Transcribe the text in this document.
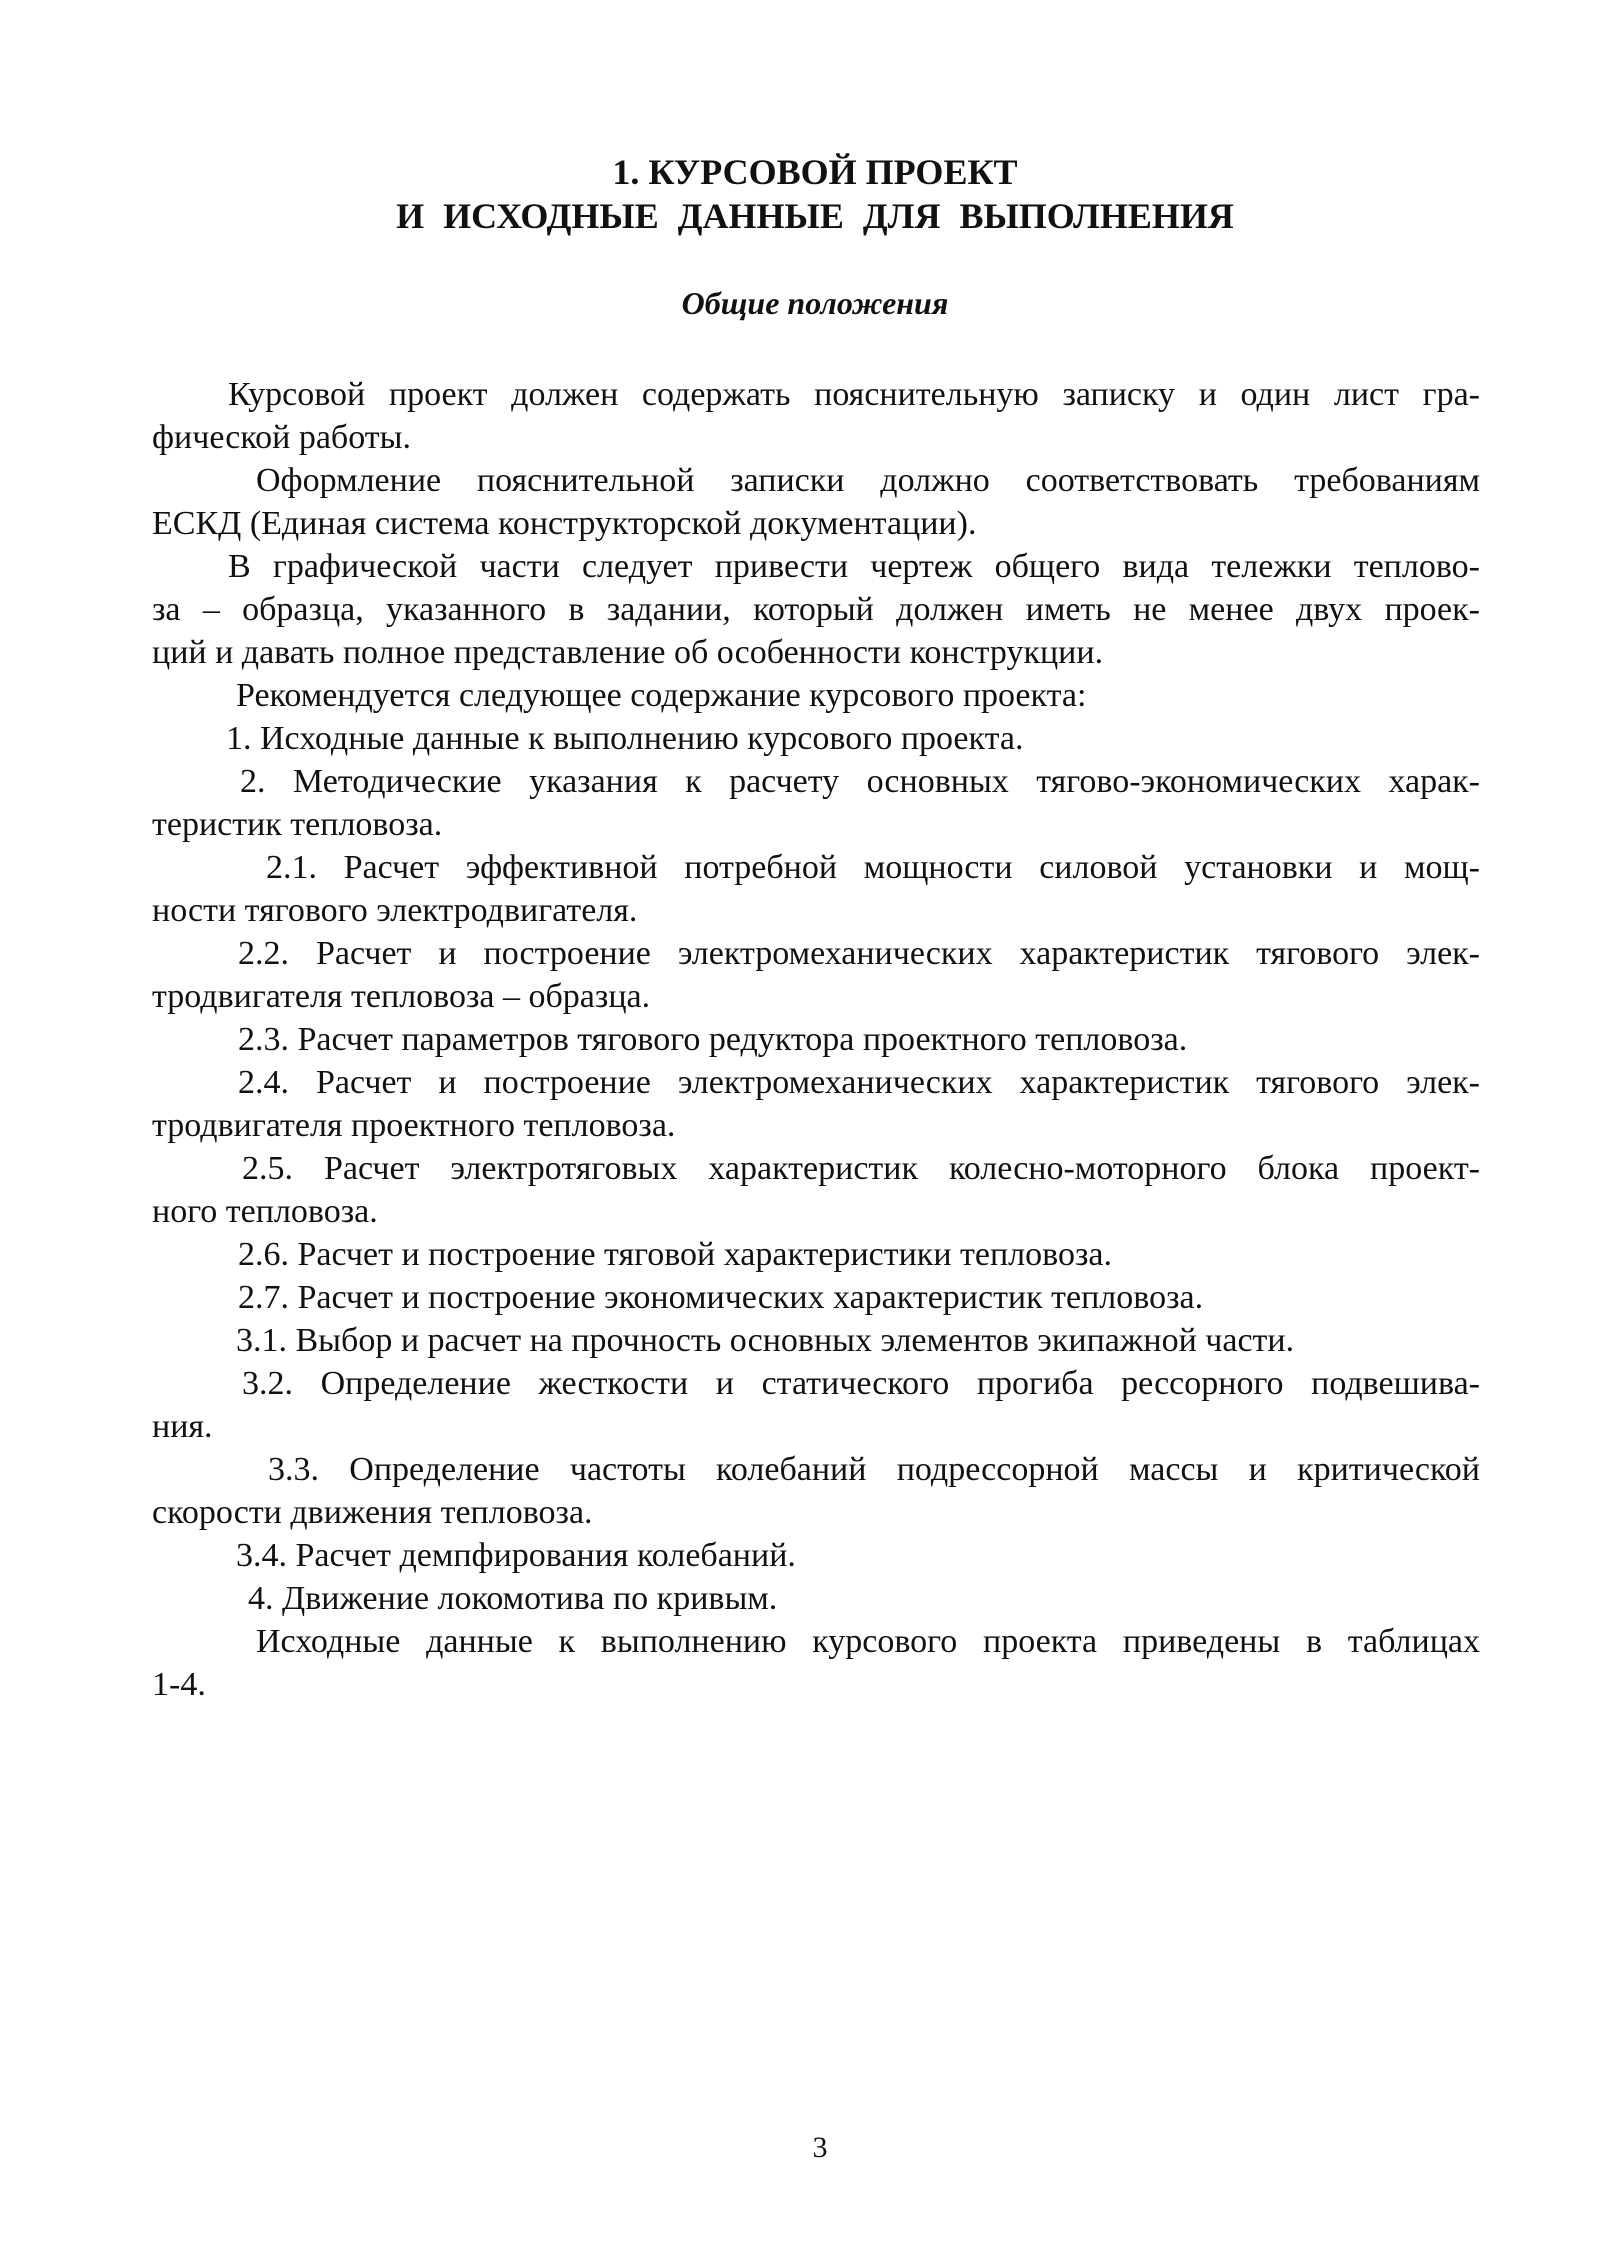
1. КУРСОВОЙ ПРОЕКТ
И ИСХОДНЫЕ ДАННЫЕ ДЛЯ ВЫПОЛНЕНИЯ
Общие положения
Курсовой проект должен содержать пояснительную записку и один лист гра-
фической работы.
Оформление пояснительной записки должно соответствовать требованиям
ЕСКД (Единая система конструкторской документации).
В графической части следует привести чертеж общего вида тележки теплово-
за – образца, указанного в задании, который должен иметь не менее двух проек-
ций и давать полное представление об особенности конструкции.
Рекомендуется следующее содержание курсового проекта:
1. Исходные данные к выполнению курсового проекта.
2. Методические указания к расчету основных тягово-экономических харак-
теристик тепловоза.
2.1. Расчет эффективной потребной мощности силовой установки и мощ-
ности тягового электродвигателя.
2.2. Расчет и построение электромеханических характеристик тягового элек-
тродвигателя тепловоза – образца.
2.3. Расчет параметров тягового редуктора проектного тепловоза.
2.4. Расчет и построение электромеханических характеристик тягового элек-
тродвигателя проектного тепловоза.
2.5. Расчет электротяговых характеристик колесно-моторного блока проект-
ного тепловоза.
2.6. Расчет и построение тяговой характеристики тепловоза.
2.7. Расчет и построение экономических характеристик тепловоза.
3.1. Выбор и расчет на прочность основных элементов экипажной части.
3.2. Определение жесткости и статического прогиба рессорного подвешива-
ния.
3.3. Определение частоты колебаний подрессорной массы и критической
скорости движения тепловоза.
3.4. Расчет демпфирования колебаний.
4. Движение локомотива по кривым.
Исходные данные к выполнению курсового проекта приведены в таблицах
1-4.
3
